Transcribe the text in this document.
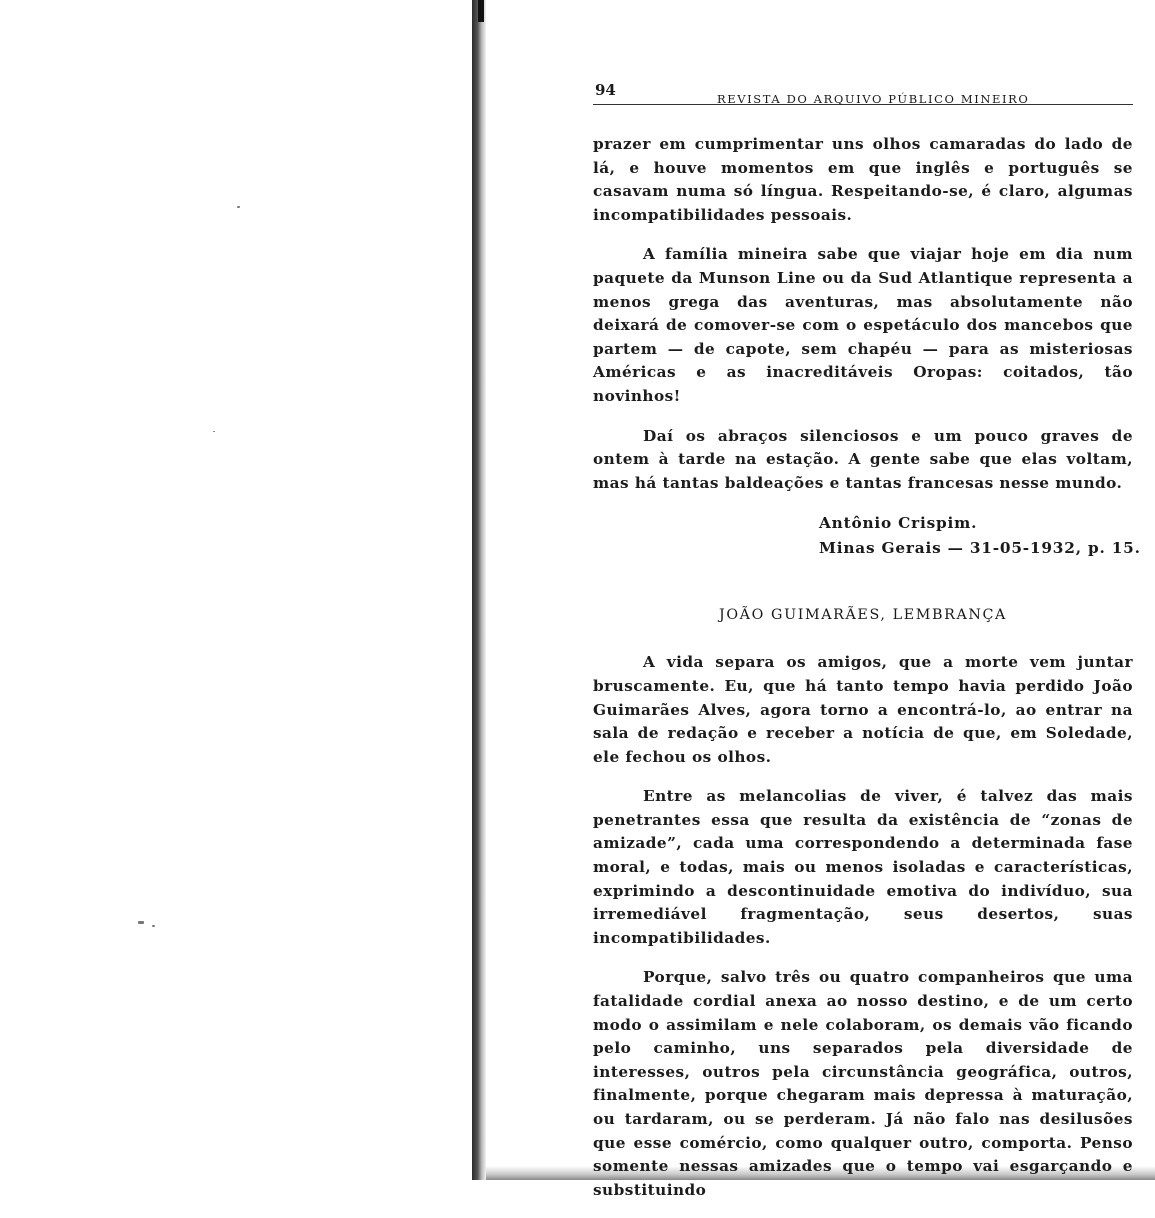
94	REVISTA DO ARQUIVO PÚBLICO MINEIRO

prazer em cumprimentar uns olhos camaradas do lado de lá, e houve momentos em que inglês e português se casavam numa só língua. Respeitando-se, é claro, algumas incompatibilidades pessoais.

A família mineira sabe que viajar hoje em dia num paquete da Munson Line ou da Sud Atlantique representa a menos grega das aventuras, mas absolutamente não deixará de comover-se com o espetáculo dos mancebos que partem — de capote, sem chapéu — para as misteriosas Américas e as inacreditáveis Oropas: coitados, tão novinhos!

Daí os abraços silenciosos e um pouco graves de ontem à tarde na estação. A gente sabe que elas voltam, mas há tantas baldeações e tantas francesas nesse mundo.

Antônio Crispim.
Minas Gerais — 31-05-1932, p. 15.
JOÃO GUIMARÃES, LEMBRANÇA

A vida separa os amigos, que a morte vem juntar bruscamente. Eu, que há tanto tempo havia perdido João Guimarães Alves, agora torno a encontrá-lo, ao entrar na sala de redação e receber a notícia de que, em Soledade, ele fechou os olhos.

Entre as melancolias de viver, é talvez das mais penetrantes essa que resulta da existência de “zonas de amizade”, cada uma correspondendo a determinada fase moral, e todas, mais ou menos isoladas e características, exprimindo a descontinuidade emotiva do indivíduo, sua irremediável fragmentação, seus desertos, suas incompatibilidades.

Porque, salvo três ou quatro companheiros que uma fatalidade cordial anexa ao nosso destino, e de um certo modo o assimilam e nele colaboram, os demais vão ficando pelo caminho, uns separados pela diversidade de interesses, outros pela circunstância geográfica, outros, finalmente, porque chegaram mais depressa à maturação, ou tardaram, ou se perderam. Já não falo nas desilusões que esse comércio, como qualquer outro, comporta. Penso somente nessas amizades que o tempo vai esgarçando e substituindo
